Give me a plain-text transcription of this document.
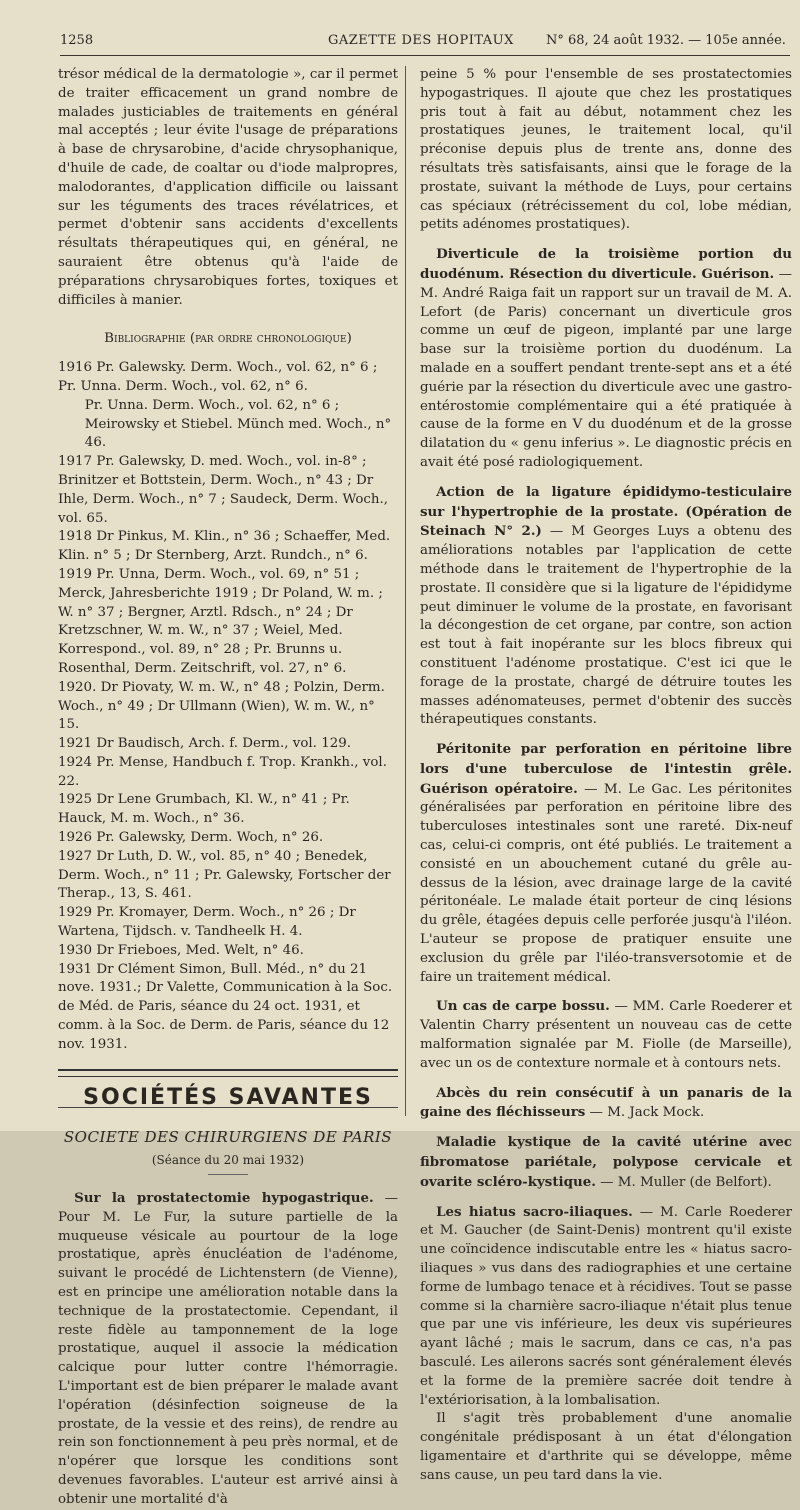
1258	GAZETTE DES HOPITAUX N° 68, 24 août 1932. — 105e année.

trésor médical de la dermatologie », car il permet de traiter efficacement un grand nombre de malades justiciables de traitements en général mal acceptés ; leur évite l'usage de préparations à base de chrysarobine, d'acide chrysophanique, d'huile de cade, de coaltar ou d'iode malpropres, malodorantes, d'application difficile ou laissant sur les téguments des traces révélatrices, et permet d'obtenir sans accidents d'excellents résultats thérapeutiques qui, en général, ne sauraient être obtenus qu'à l'aide de préparations chrysarobiques fortes, toxiques et difficiles à manier.

Bibliographie (par ordre chronologique)

1916 Pr. Galewsky. Derm. Woch., vol. 62, n° 6 ; Pr. Unna. Derm. Woch., vol. 62, n° 6.

Pr. Unna. Derm. Woch., vol. 62, n° 6 ; Meirowsky et Stiebel. Münch med. Woch., n° 46.

1917 Pr. Galewsky, D. med. Woch., vol. in-8° ; Brinitzer et Bottstein, Derm. Woch., n° 43 ; Dr Ihle, Derm. Woch., n° 7 ; Saudeck, Derm. Woch., vol. 65.

1918 Dr Pinkus, M. Klin., n° 36 ; Schaeffer, Med. Klin. n° 5 ; Dr Sternberg, Arzt. Rundch., n° 6.

1919 Pr. Unna, Derm. Woch., vol. 69, n° 51 ; Merck, Jahresberichte 1919 ; Dr Poland, W. m. ; W. n° 37 ; Bergner, Arztl. Rdsch., n° 24 ; Dr Kretzschner, W. m. W., n° 37 ; Weiel, Med. Korrespond., vol. 89, n° 28 ; Pr. Brunns u. Rosenthal, Derm. Zeitschrift, vol. 27, n° 6.

1920. Dr Piovaty, W. m. W., n° 48 ; Polzin, Derm. Woch., n° 49 ; Dr Ullmann (Wien), W. m. W., n° 15.

1921 Dr Baudisch, Arch. f. Derm., vol. 129.

1924 Pr. Mense, Handbuch f. Trop. Krankh., vol. 22.

1925 Dr Lene Grumbach, Kl. W., n° 41 ; Pr. Hauck, M. m. Woch., n° 36.

1926 Pr. Galewsky, Derm. Woch, n° 26.

1927 Dr Luth, D. W., vol. 85, n° 40 ; Benedek, Derm. Woch., n° 11 ; Pr. Galewsky, Fortscher der Therap., 13, S. 461.

1929 Pr. Kromayer, Derm. Woch., n° 26 ; Dr Wartena, Tijdsch. v. Tandheelk H. 4.

1930 Dr Frieboes, Med. Welt, n° 46.

1931 Dr Clément Simon, Bull. Méd., n° du 21 nove. 1931.; Dr Valette, Communication à la Soc. de Méd. de Paris, séance du 24 oct. 1931, et comm. à la Soc. de Derm. de Paris, séance du 12 nov. 1931.

SOCIÉTÉS SAVANTES

SOCIETE DES CHIRURGIENS DE PARIS

(Séance du 20 mai 1932)

Sur la prostatectomie hypogastrique. — Pour M. Le Fur, la suture partielle de la muqueuse vésicale au pourtour de la loge prostatique, après énucléation de l'adénome, suivant le procédé de Lichtenstern (de Vienne), est en principe une amélioration notable dans la technique de la prostatectomie. Cependant, il reste fidèle au tamponnement de la loge prostatique, auquel il associe la médication calcique pour lutter contre l'hémorragie. L'important est de bien préparer le malade avant l'opération (désinfection soigneuse de la prostate, de la vessie et des reins), de rendre au rein son fonctionnement à peu près normal, et de n'opérer que lorsque les conditions sont devenues favorables. L'auteur est arrivé ainsi à obtenir une mortalité d'à

peine 5 % pour l'ensemble de ses prostatectomies hypogastriques. Il ajoute que chez les prostatiques pris tout à fait au début, notamment chez les prostatiques jeunes, le traitement local, qu'il préconise depuis plus de trente ans, donne des résultats très satisfaisants, ainsi que le forage de la prostate, suivant la méthode de Luys, pour certains cas spéciaux (rétrécissement du col, lobe médian, petits adénomes prostatiques).

Diverticule de la troisième portion du duodénum. Résection du diverticule. Guérison. — M. André Raiga fait un rapport sur un travail de M. A. Lefort (de Paris) concernant un diverticule gros comme un œuf de pigeon, implanté par une large base sur la troisième portion du duodénum. La malade en a souffert pendant trente-sept ans et a été guérie par la résection du diverticule avec une gastro-entérostomie complémentaire qui a été pratiquée à cause de la forme en V du duodénum et de la grosse dilatation du « genu inferius ». Le diagnostic précis en avait été posé radiologiquement.

Action de la ligature épididymo-testiculaire sur l'hypertrophie de la prostate. (Opération de Steinach N° 2.) — M Georges Luys a obtenu des améliorations notables par l'application de cette méthode dans le traitement de l'hypertrophie de la prostate. Il considère que si la ligature de l'épididyme peut diminuer le volume de la prostate, en favorisant la décongestion de cet organe, par contre, son action est tout à fait inopérante sur les blocs fibreux qui constituent l'adénome prostatique. C'est ici que le forage de la prostate, chargé de détruire toutes les masses adénomateuses, permet d'obtenir des succès thérapeutiques constants.

Péritonite par perforation en péritoine libre lors d'une tuberculose de l'intestin grêle. Guérison opératoire. — M. Le Gac. Les péritonites généralisées par perforation en péritoine libre des tuberculoses intestinales sont une rareté. Dix-neuf cas, celui-ci compris, ont été publiés. Le traitement a consisté en un abouchement cutané du grêle au-dessus de la lésion, avec drainage large de la cavité péritonéale. Le malade était porteur de cinq lésions du grêle, étagées depuis celle perforée jusqu'à l'iléon. L'auteur se propose de pratiquer ensuite une exclusion du grêle par l'iléo-transversotomie et de faire un traitement médical.

Un cas de carpe bossu. — MM. Carle Roederer et Valentin Charry présentent un nouveau cas de cette malformation signalée par M. Fiolle (de Marseille), avec un os de contexture normale et à contours nets.

Abcès du rein consécutif à un panaris de la gaine des fléchisseurs — M. Jack Mock.

Maladie kystique de la cavité utérine avec fibromatose pariétale, polypose cervicale et ovarite scléro-kystique. — M. Muller (de Belfort).

Les hiatus sacro-iliaques. — M. Carle Roederer et M. Gaucher (de Saint-Denis) montrent qu'il existe une coïncidence indiscutable entre les « hiatus sacro-iliaques » vus dans des radiographies et une certaine forme de lumbago tenace et à récidives. Tout se passe comme si la charnière sacro-iliaque n'était plus tenue que par une vis inférieure, les deux vis supérieures ayant lâché ; mais le sacrum, dans ce cas, n'a pas basculé. Les ailerons sacrés sont généralement élevés et la forme de la première sacrée doit tendre à l'extériorisation, à la lombalisation.

Il s'agit très probablement d'une anomalie congénitale prédisposant à un état d'élongation ligamentaire et d'arthrite qui se développe, même sans cause, un peu tard dans la vie.
